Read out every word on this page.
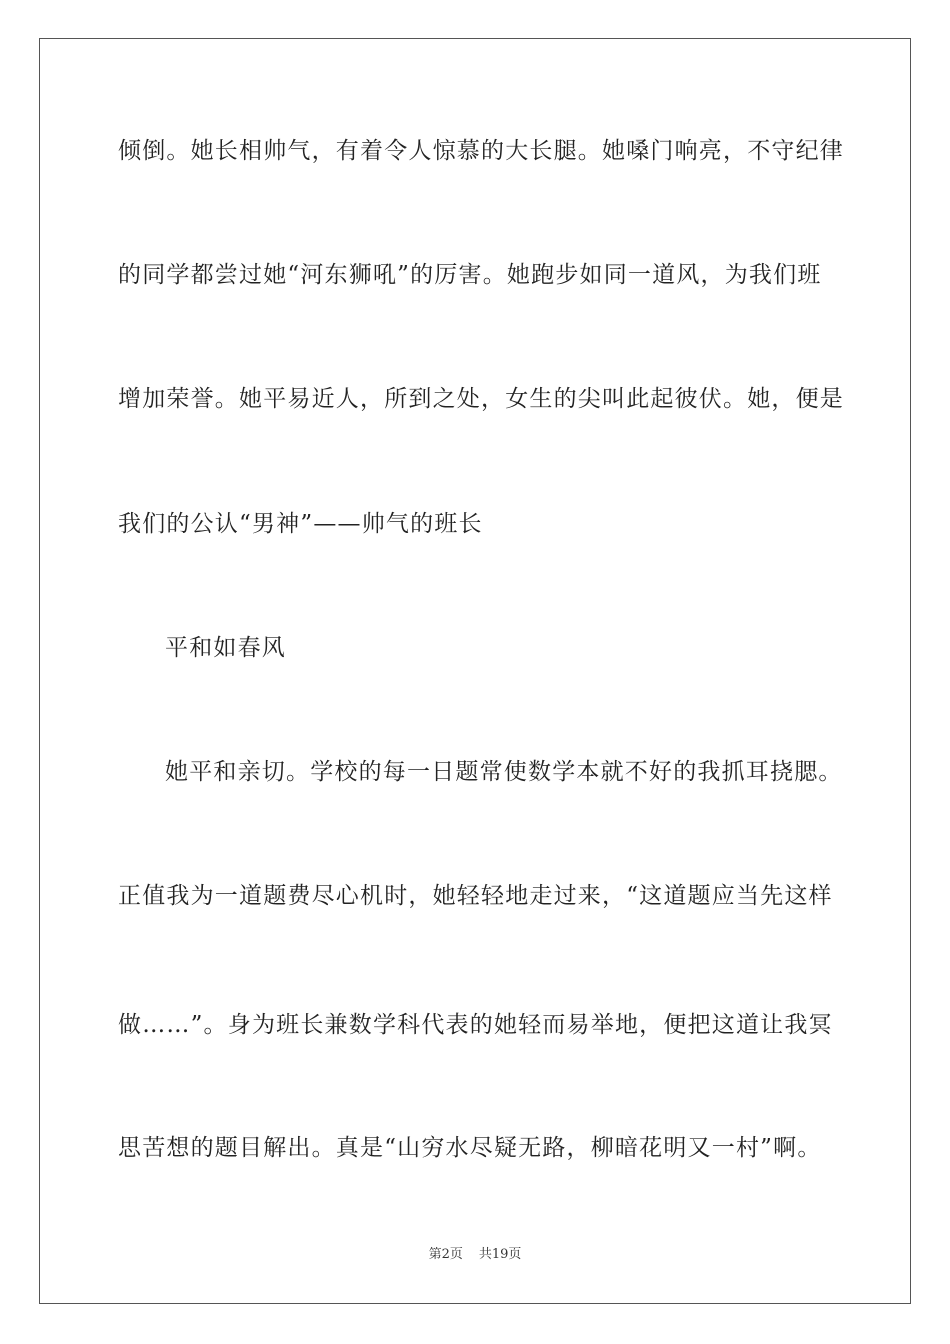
倾倒。她长相帅气，有着令人惊慕的大长腿。她嗓门响亮，不守纪律

的同学都尝过她“河东狮吼”的厉害。她跑步如同一道风，为我们班

增加荣誉。她平易近人，所到之处，女生的尖叫此起彼伏。她，便是

我们的公认“男神”——帅气的班长

平和如春风

她平和亲切。学校的每一日题常使数学本就不好的我抓耳挠腮。

正值我为一道题费尽心机时，她轻轻地走过来，“这道题应当先这样

做……”。身为班长兼数学科代表的她轻而易举地，便把这道让我冥

思苦想的题目解出。真是“山穷水尽疑无路，柳暗花明又一村”啊。

第2页 共19页
